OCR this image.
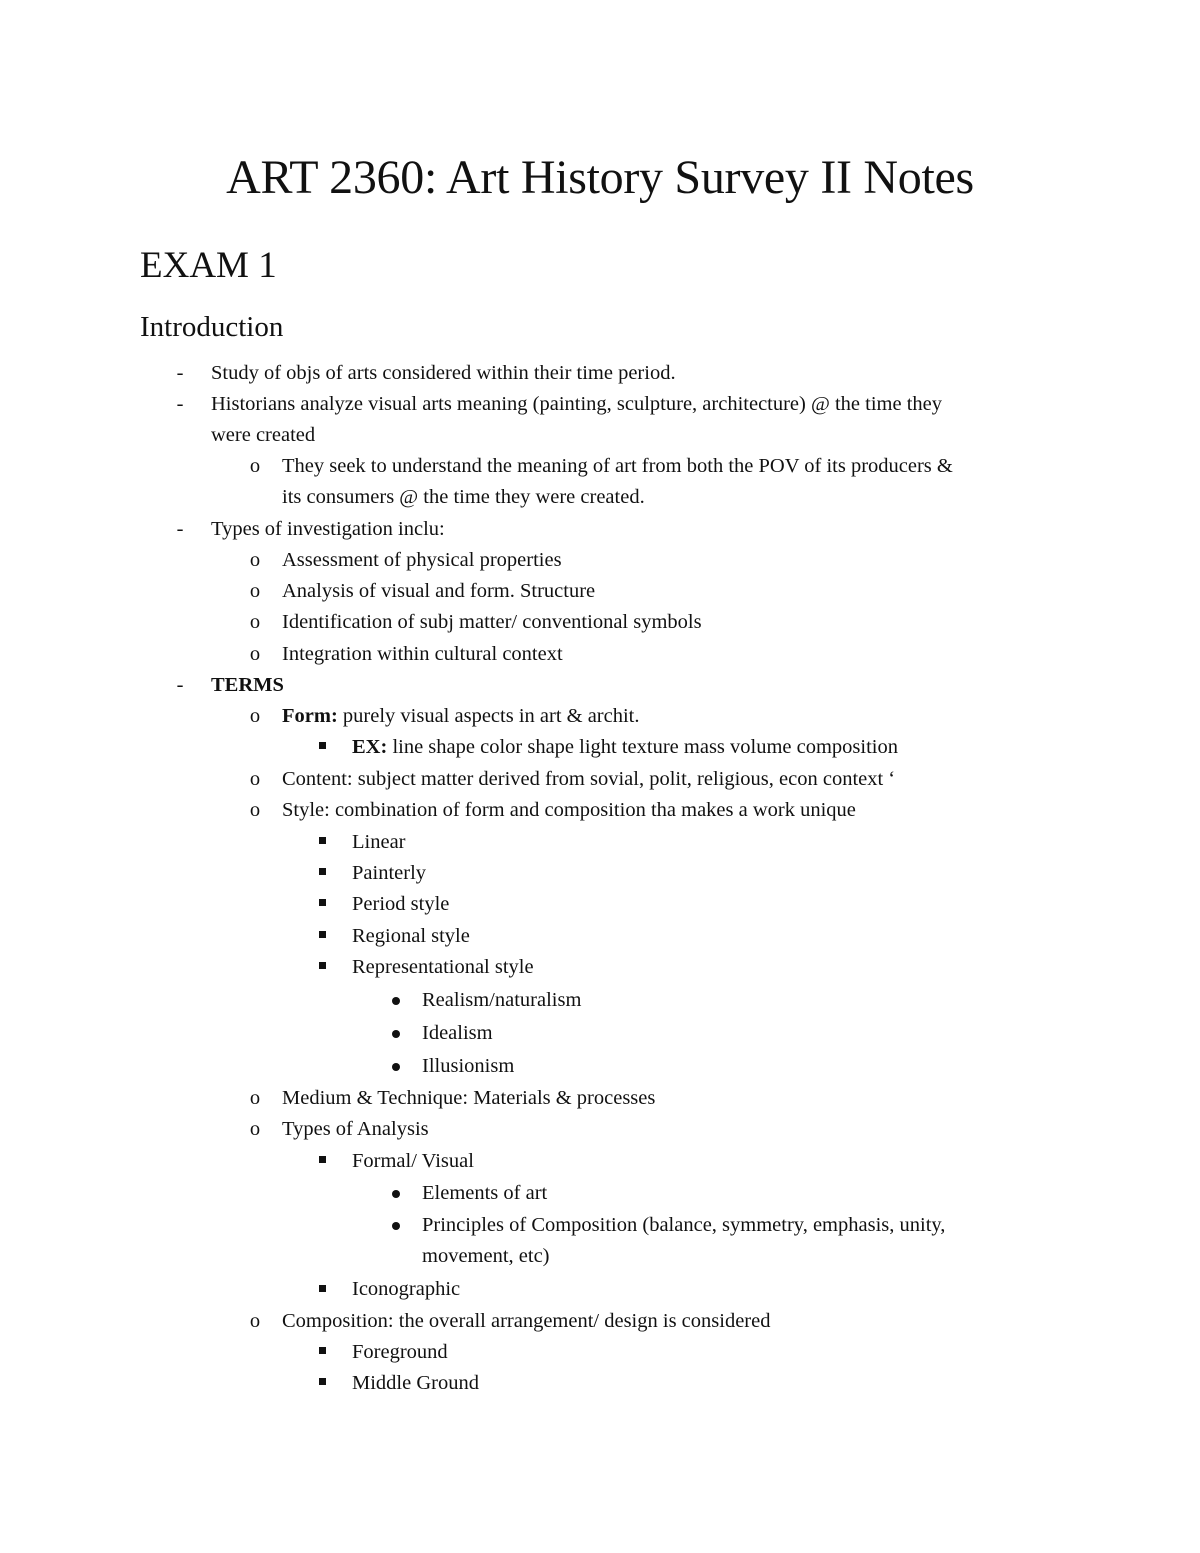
ART 2360: Art History Survey II Notes
EXAM 1
Introduction
-	Study of objs of arts considered within their time period.
-	Historians analyze visual arts meaning (painting, sculpture, architecture) @ the time they
were created
o They seek to understand the meaning of art from both the POV of its producers &
its consumers @ the time they were created.
-	Types of investigation inclu:
o Assessment of physical properties
o Analysis of visual and form. Structure
o Identification of subj matter/ conventional symbols
o Integration within cultural context
-	TERMS
o Form: purely visual aspects in art & archit.
EX: line shape color shape light texture mass volume composition
o Content: subject matter derived from sovial, polit, religious, econ context ‘
o Style: combination of form and composition tha makes a work unique
Linear
Painterly
Period style
Regional style
Representational style
Realism/naturalism
Idealism
Illusionism
o Medium & Technique: Materials & processes
o Types of Analysis
Formal/ Visual
Elements of art
Principles of Composition (balance, symmetry, emphasis, unity,
movement, etc)
Iconographic
o Composition: the overall arrangement/ design is considered
Foreground
Middle Ground
